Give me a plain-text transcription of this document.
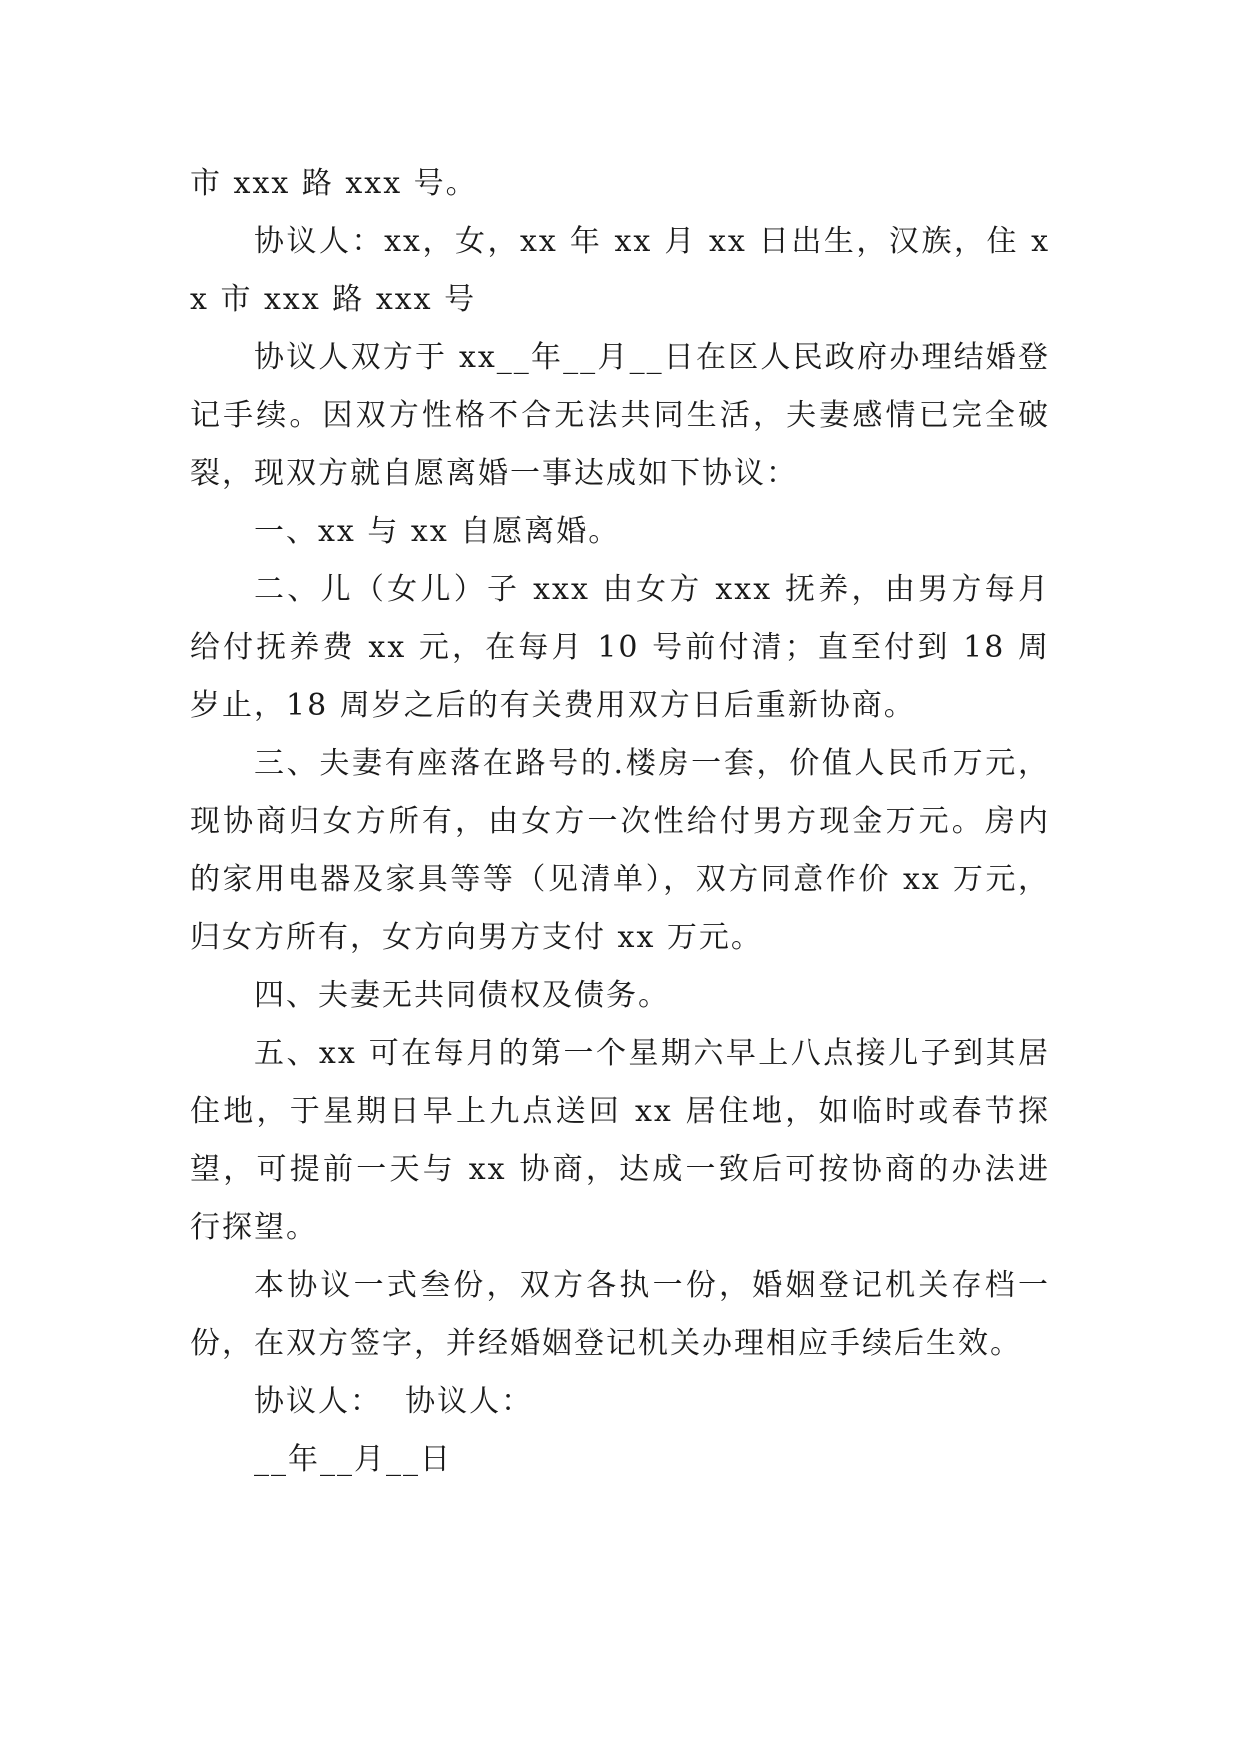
市 xxx 路 xxx 号。

协议人：xx，女，xx 年 xx 月 xx 日出生，汉族，住 xx 市 xxx 路 xxx 号

协议人双方于 xx__年__月__日在区人民政府办理结婚登记手续。因双方性格不合无法共同生活，夫妻感情已完全破裂，现双方就自愿离婚一事达成如下协议：

一、xx 与 xx 自愿离婚。

二、儿（女儿）子 xxx 由女方 xxx 抚养，由男方每月给付抚养费 xx 元，在每月 10 号前付清；直至付到 18 周岁止，18 周岁之后的有关费用双方日后重新协商。

三、夫妻有座落在路号的.楼房一套，价值人民币万元，现协商归女方所有，由女方一次性给付男方现金万元。房内的家用电器及家具等等（见清单），双方同意作价 xx 万元，归女方所有，女方向男方支付 xx 万元。

四、夫妻无共同债权及债务。

五、xx 可在每月的第一个星期六早上八点接儿子到其居住地，于星期日早上九点送回 xx 居住地，如临时或春节探望，可提前一天与 xx 协商，达成一致后可按协商的办法进行探望。

本协议一式叁份，双方各执一份，婚姻登记机关存档一份，在双方签字，并经婚姻登记机关办理相应手续后生效。

协议人：  协议人：

__年__月__日
